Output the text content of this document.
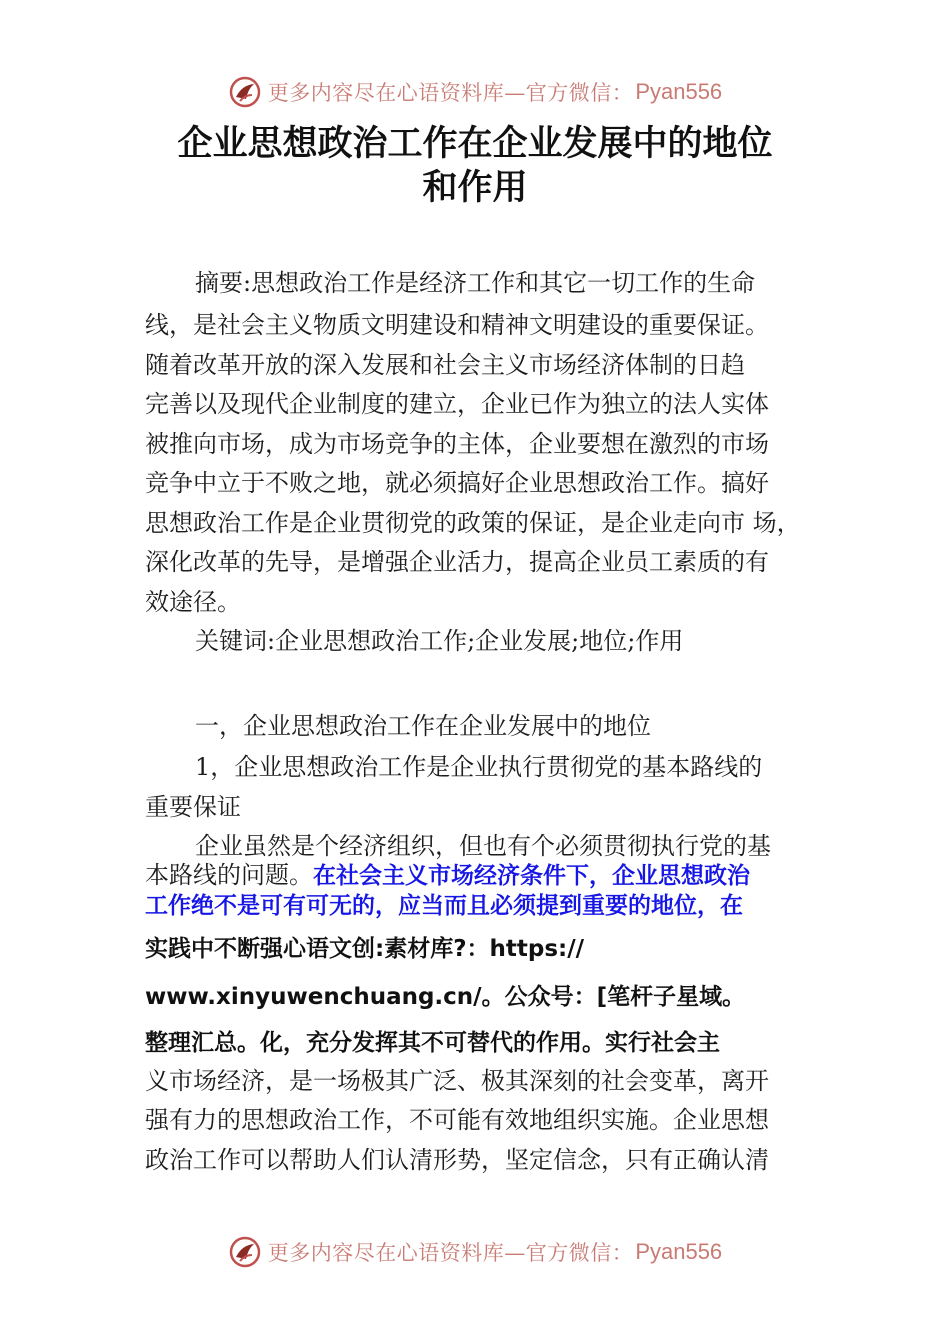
更多内容尽在心语资料库—官方微信： Pyan556
企业思想政治工作在企业发展中的地位
和作用
摘要:思想政治工作是经济工作和其它一切工作的生命
线，是社会主义物质文明建设和精神文明建设的重要保证。
随着改革开放的深入发展和社会主义市场经济体制的日趋
完善以及现代企业制度的建立，企业已作为独立的法人实体
被推向市场，成为市场竞争的主体，企业要想在激烈的市场
竞争中立于不败之地，就必须搞好企业思想政治工作。搞好
思想政治工作是企业贯彻党的政策的保证，是企业走向市 场，
深化改革的先导，是增强企业活力，提高企业员工素质的有
效途径。
关键词:企业思想政治工作;企业发展;地位;作用
一，企业思想政治工作在企业发展中的地位
1，企业思想政治工作是企业执行贯彻党的基本路线的
重要保证
企业虽然是个经济组织，但也有个必须贯彻执行党的基
本路线的问题。在社会主义市场经济条件下，企业思想政治
工作绝不是可有可无的，应当而且必须提到重要的地位，在
实践中不断强心语文创:素材库?：https://
www.xinyuwenchuang.cn/。公众号：[笔杆子星域。
整理汇总。化，充分发挥其不可替代的作用。实行社会主
义市场经济，是一场极其广泛、极其深刻的社会变革，离开
强有力的思想政治工作，不可能有效地组织实施。企业思想
政治工作可以帮助人们认清形势，坚定信念，只有正确认清
更多内容尽在心语资料库—官方微信： Pyan556
